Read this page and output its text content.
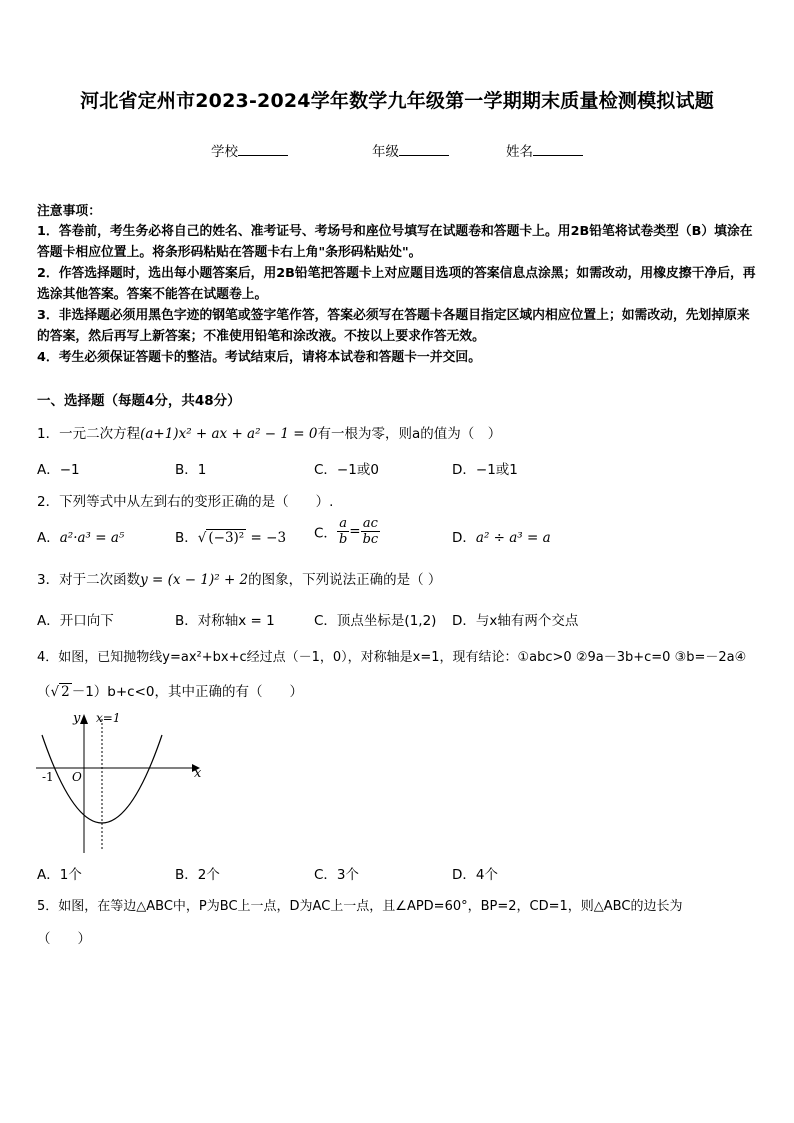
河北省定州市2023-2024学年数学九年级第一学期期末质量检测模拟试题
学校	年级	姓名
注意事项：
1．答卷前，考生务必将自己的姓名、准考证号、考场号和座位号填写在试题卷和答题卡上。用2B铅笔将试卷类型（B）填涂在答题卡相应位置上。将条形码粘贴在答题卡右上角"条形码粘贴处"。
2．作答选择题时，选出每小题答案后，用2B铅笔把答题卡上对应题目选项的答案信息点涂黑；如需改动，用橡皮擦干净后，再选涂其他答案。答案不能答在试题卷上。
3．非选择题必须用黑色字迹的钢笔或签字笔作答，答案必须写在答题卡各题目指定区域内相应位置上；如需改动，先划掉原来的答案，然后再写上新答案；不准使用铅笔和涂改液。不按以上要求作答无效。
4．考生必须保证答题卡的整洁。考试结束后，请将本试卷和答题卡一并交回。
一、选择题（每题4分，共48分）
1．一元二次方程(a+1)x² + ax + a² − 1 = 0有一根为零，则a的值为（　）
A．−1	B．1	C．−1或0	D．−1或1
2．下列等式中从左到右的变形正确的是（　　）.
A．a²·a³ = a⁵	B．√ (−3)² = −3 C． $\frac{a}{b} = \frac{ac}{bc}$	D．a² ÷ a³ = a
3．对于二次函数y = (x − 1)² + 2的图象，下列说法正确的是（ ）
A．开口向下	B．对称轴x = 1	C．顶点坐标是(1,2) D．与x轴有两个交点
4．如图，已知抛物线y=ax²+bx+c经过点（－1，0），对称轴是x=1，现有结论：①abc>0 ②9a－3b+c=0 ③b=－2a④
（√ 2 －1）b+c<0，其中正确的有（　　）
x
y
O
-1
x=1
A．1个	B．2个	C．3个	D．4个
5．如图，在等边△ABC中，P为BC上一点，D为AC上一点，且∠APD=60°，BP=2，CD=1，则△ABC的边长为
（　　）
